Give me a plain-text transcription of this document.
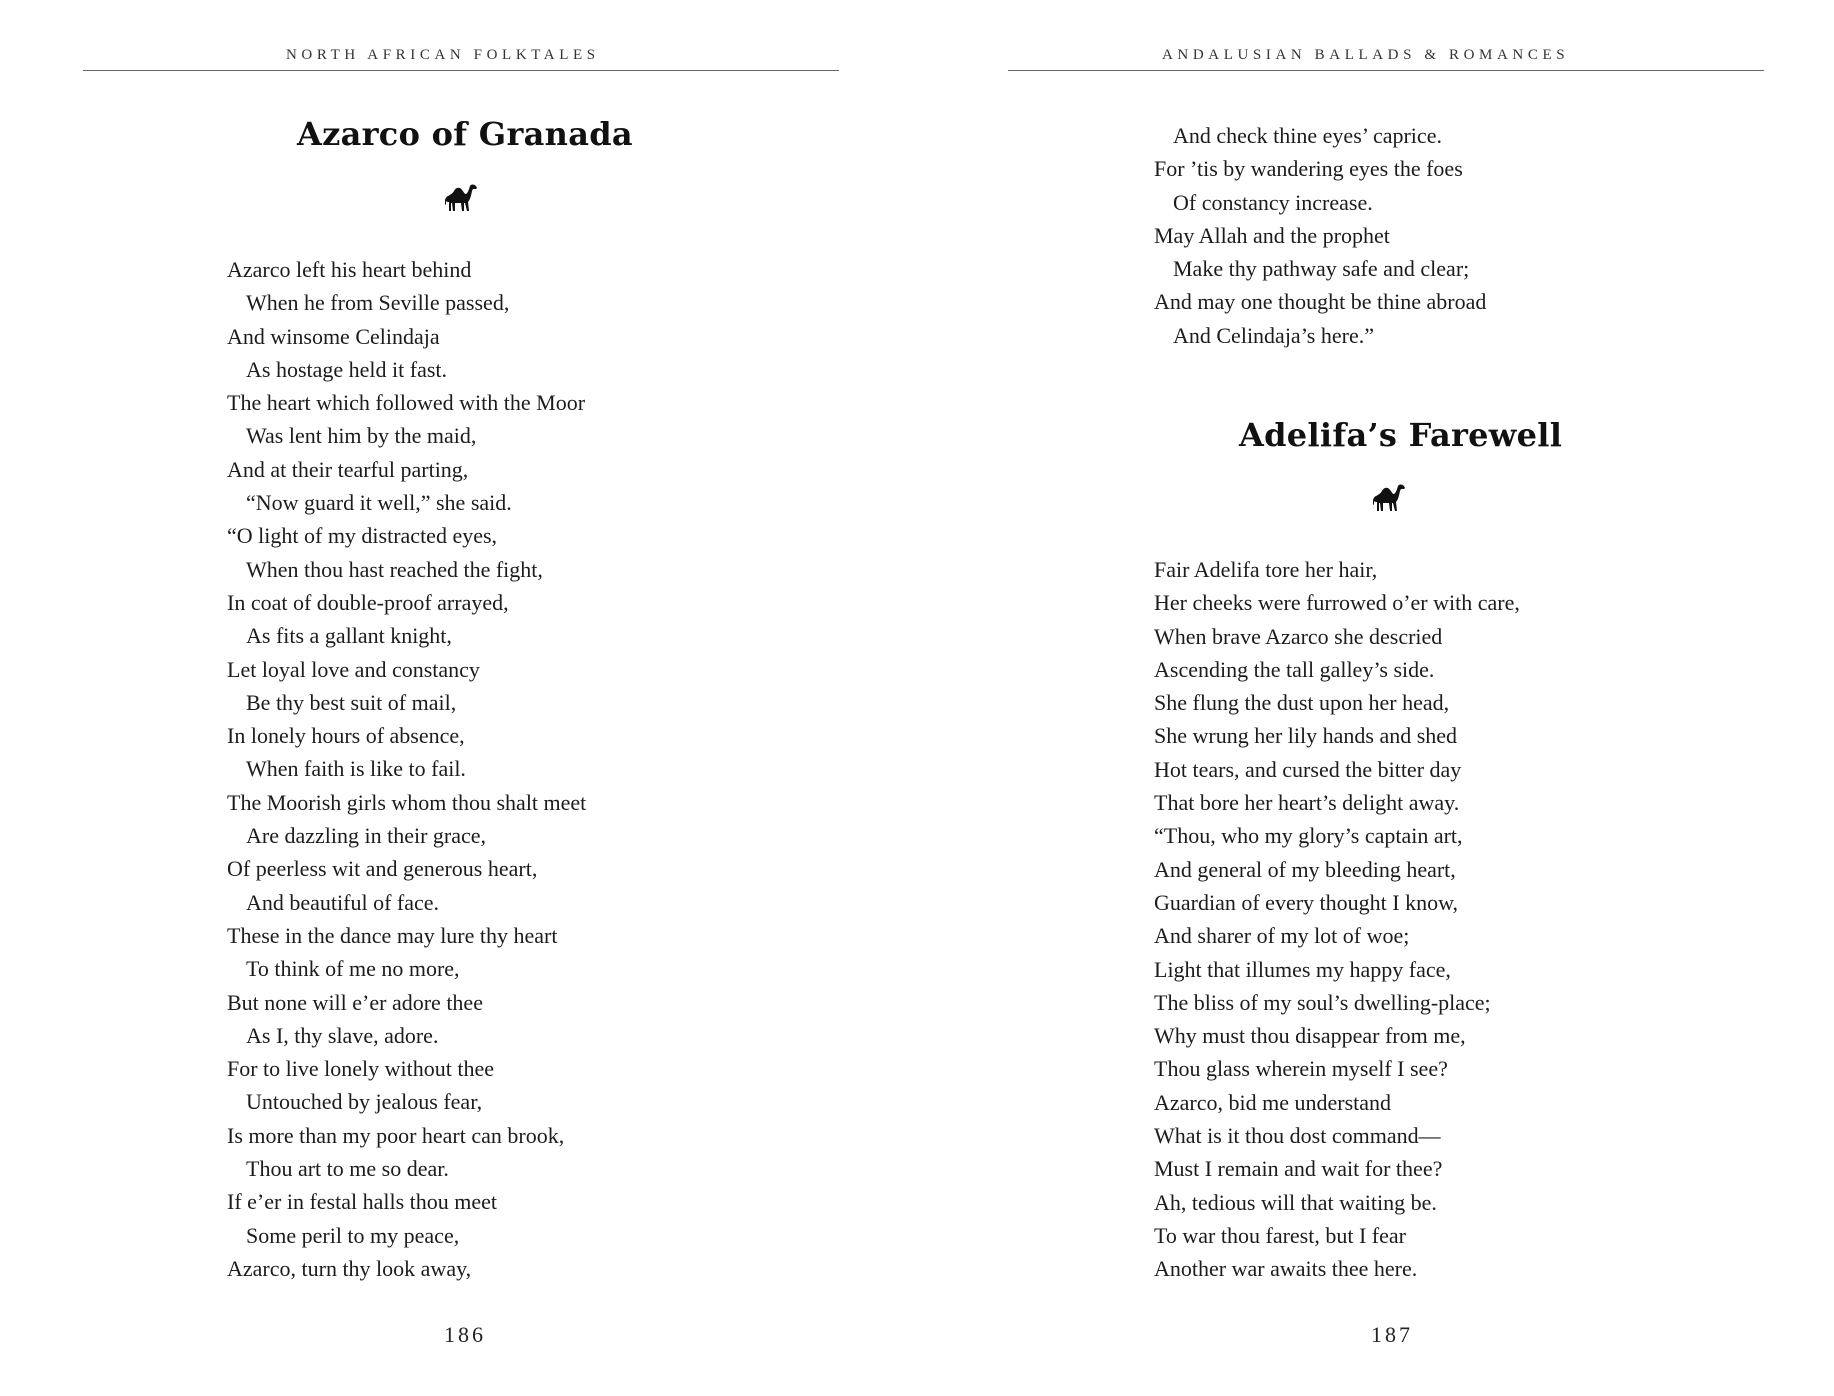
NORTH AFRICAN FOLKTALES
Azarco of Granada
Azarco left his heart behind
When he from Seville passed,
And winsome Celindaja
As hostage held it fast.
The heart which followed with the Moor
Was lent him by the maid,
And at their tearful parting,
“Now guard it well,” she said.
“O light of my distracted eyes,
When thou hast reached the fight,
In coat of double-proof arrayed,
As fits a gallant knight,
Let loyal love and constancy
Be thy best suit of mail,
In lonely hours of absence,
When faith is like to fail.
The Moorish girls whom thou shalt meet
Are dazzling in their grace,
Of peerless wit and generous heart,
And beautiful of face.
These in the dance may lure thy heart
To think of me no more,
But none will e’er adore thee
As I, thy slave, adore.
For to live lonely without thee
Untouched by jealous fear,
Is more than my poor heart can brook,
Thou art to me so dear.
If e’er in festal halls thou meet
Some peril to my peace,
Azarco, turn thy look away,
186
ANDALUSIAN BALLADS & ROMANCES
And check thine eyes’ caprice.
For ’tis by wandering eyes the foes
Of constancy increase.
May Allah and the prophet
Make thy pathway safe and clear;
And may one thought be thine abroad
And Celindaja’s here.”
Adelifa’s Farewell
Fair Adelifa tore her hair,
Her cheeks were furrowed o’er with care,
When brave Azarco she descried
Ascending the tall galley’s side.
She flung the dust upon her head,
She wrung her lily hands and shed
Hot tears, and cursed the bitter day
That bore her heart’s delight away.
“Thou, who my glory’s captain art,
And general of my bleeding heart,
Guardian of every thought I know,
And sharer of my lot of woe;
Light that illumes my happy face,
The bliss of my soul’s dwelling-place;
Why must thou disappear from me,
Thou glass wherein myself I see?
Azarco, bid me understand
What is it thou dost command—
Must I remain and wait for thee?
Ah, tedious will that waiting be.
To war thou farest, but I fear
Another war awaits thee here.
187
